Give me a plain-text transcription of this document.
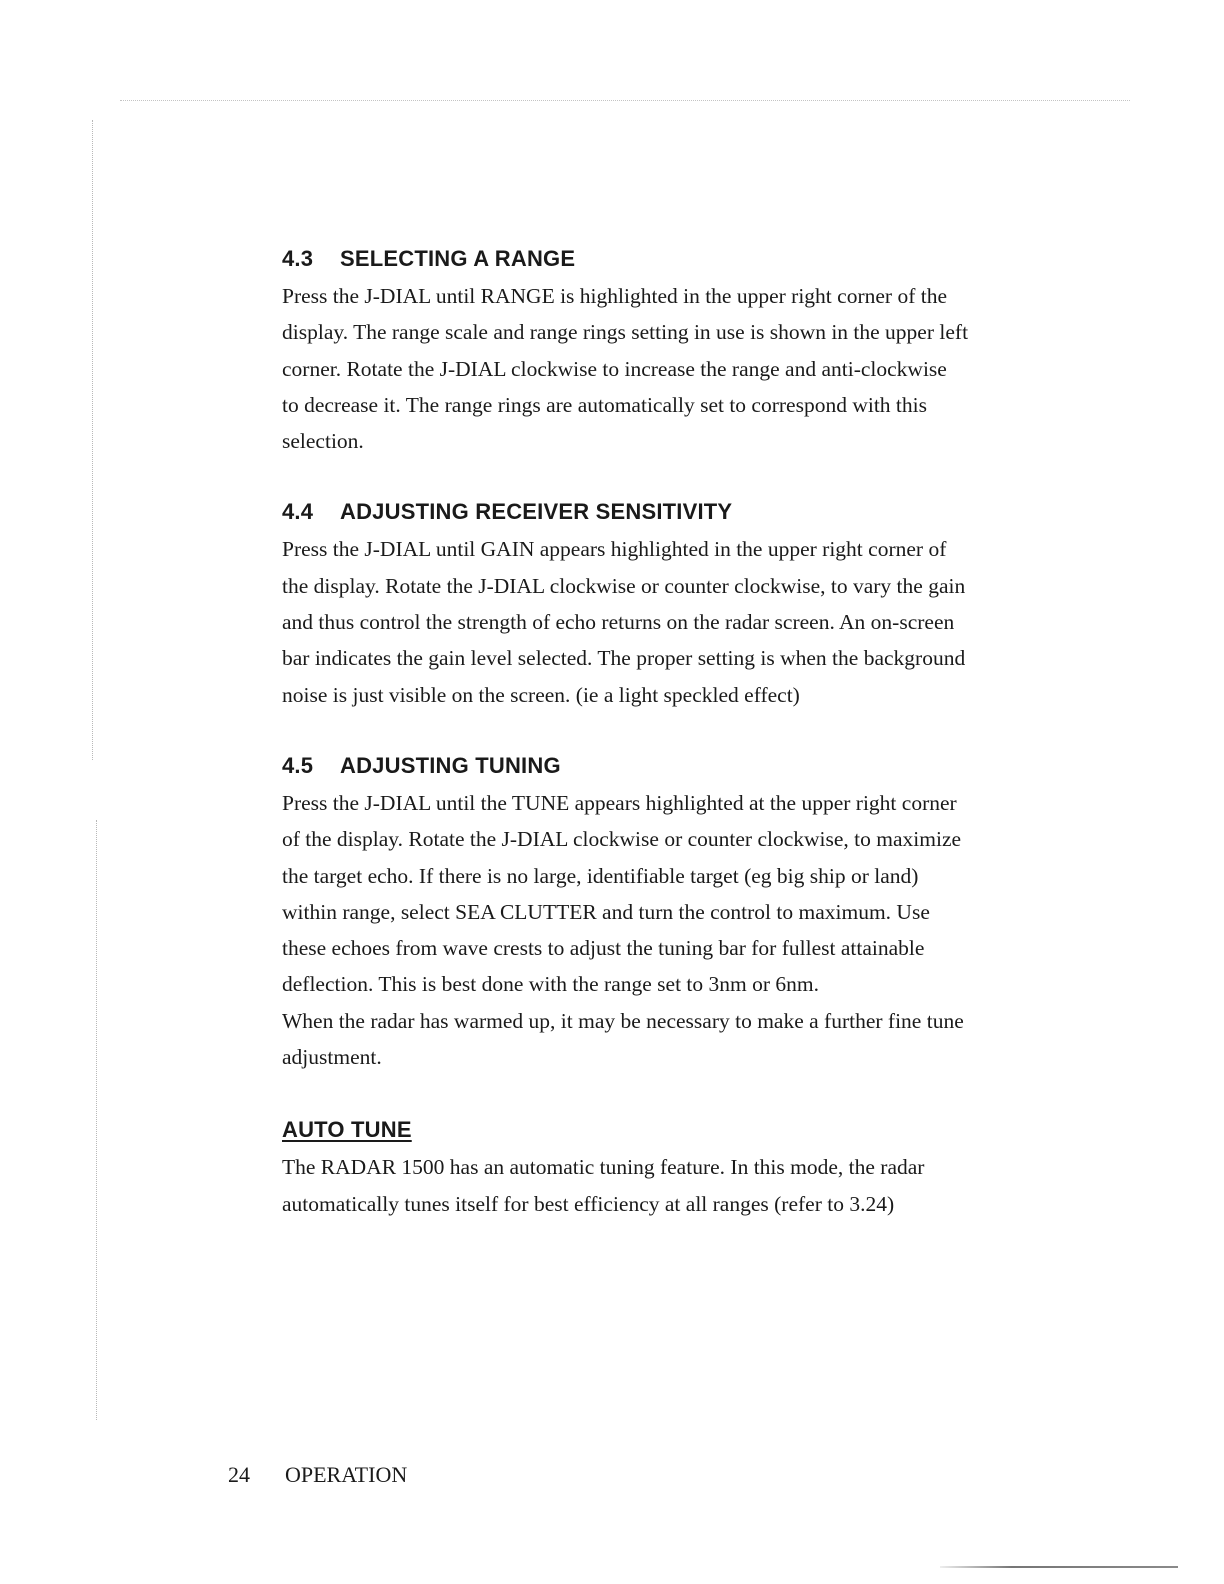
4.3 SELECTING A RANGE

Press the J-DIAL until RANGE is highlighted in the upper right corner of the
display. The range scale and range rings setting in use is shown in the upper left
corner. Rotate the J-DIAL clockwise to increase the range and anti-clockwise
to decrease it. The range rings are automatically set to correspond with this
selection.

4.4 ADJUSTING RECEIVER SENSITIVITY

Press the J-DIAL until GAIN appears highlighted in the upper right corner of
the display. Rotate the J-DIAL clockwise or counter clockwise, to vary the gain
and thus control the strength of echo returns on the radar screen. An on-screen
bar indicates the gain level selected. The proper setting is when the background
noise is just visible on the screen. (ie a light speckled effect)

4.5 ADJUSTING TUNING

Press the J-DIAL until the TUNE appears highlighted at the upper right corner
of the display. Rotate the J-DIAL clockwise or counter clockwise, to maximize
the target echo. If there is no large, identifiable target (eg big ship or land)
within range, select SEA CLUTTER and turn the control to maximum. Use
these echoes from wave crests to adjust the tuning bar for fullest attainable
deflection. This is best done with the range set to 3nm or 6nm.
When the radar has warmed up, it may be necessary to make a further fine tune
adjustment.

AUTO TUNE

The RADAR 1500 has an automatic tuning feature. In this mode, the radar
automatically tunes itself for best efficiency at all ranges (refer to 3.24)

24 OPERATION
